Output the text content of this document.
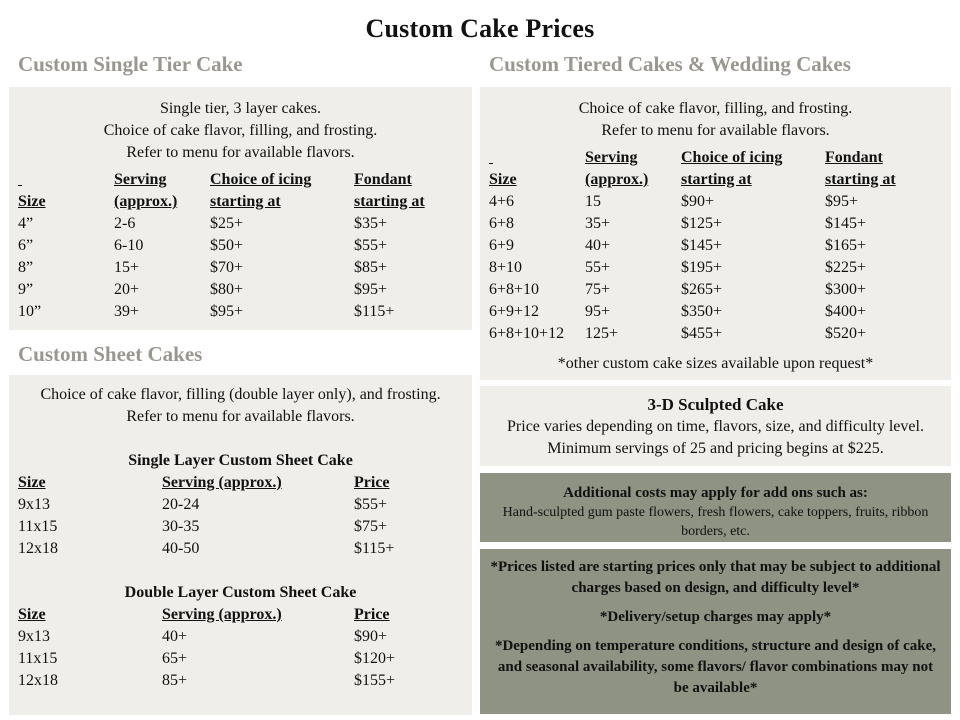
Custom Cake Prices
Custom Single Tier Cake
Single tier, 3 layer cakes.
Choice of cake flavor, filling, and frosting.
Refer to menu for available flavors.

Size
4”
6”
8”
9”
10”
Serving
(approx.)
2-6
6-10
15+
20+
39+
Choice of icing
starting at
$25+
$50+
$70+
$80+
$95+
Fondant
starting at
$35+
$55+
$85+
$95+
$115+
Custom Sheet Cakes
Choice of cake flavor, filling (double layer only), and frosting.
Refer to menu for available flavors.
Single Layer Custom Sheet Cake
Size
9x13
11x15
12x18
Serving (approx.)
20-24
30-35
40-50
Price
$55+
$75+
$115+
Double Layer Custom Sheet Cake
Size
9x13
11x15
12x18
Serving (approx.)
40+
65+
85+
Price
$90+
$120+
$155+
Custom Tiered Cakes & Wedding Cakes
Choice of cake flavor, filling, and frosting.
Refer to menu for available flavors.

Size
4+6
6+8
6+9
8+10
6+8+10
6+9+12
6+8+10+12
Serving
(approx.)
15
35+
40+
55+
75+
95+
125+
Choice of icing
starting at
$90+
$125+
$145+
$195+
$265+
$350+
$455+
Fondant
starting at
$95+
$145+
$165+
$225+
$300+
$400+
$520+
*other custom cake sizes available upon request*
3-D Sculpted Cake
Price varies depending on time, flavors, size, and difficulty level.
Minimum servings of 25 and pricing begins at $225.
Additional costs may apply for add ons such as:
Hand-sculpted gum paste flowers, fresh flowers, cake toppers, fruits, ribbon borders, etc.
*Prices listed are starting prices only that may be subject to additional charges based on design, and difficulty level*
*Delivery/setup charges may apply*
*Depending on temperature conditions, structure and design of cake, and seasonal availability, some flavors/ flavor combinations may not be available*
